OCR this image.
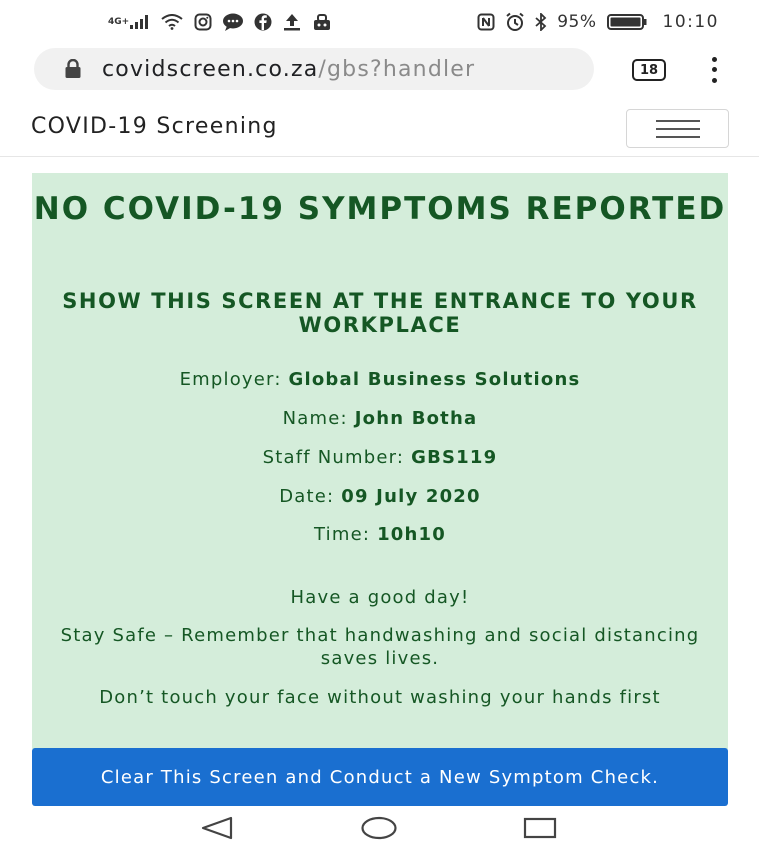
4G+	95%	10:10
covidscreen.co.za /gbs?handler	18
COVID-19 Screening
NO COVID-19 SYMPTOMS REPORTED
SHOW THIS SCREEN AT THE ENTRANCE TO YOUR WORKPLACE
Employer: Global Business Solutions
Name: John Botha
Staff Number: GBS119
Date: 09 July 2020
Time: 10h10
Have a good day!
Stay Safe – Remember that handwashing and social distancing saves lives.
Don’t touch your face without washing your hands first
Clear This Screen and Conduct a New Symptom Check.
